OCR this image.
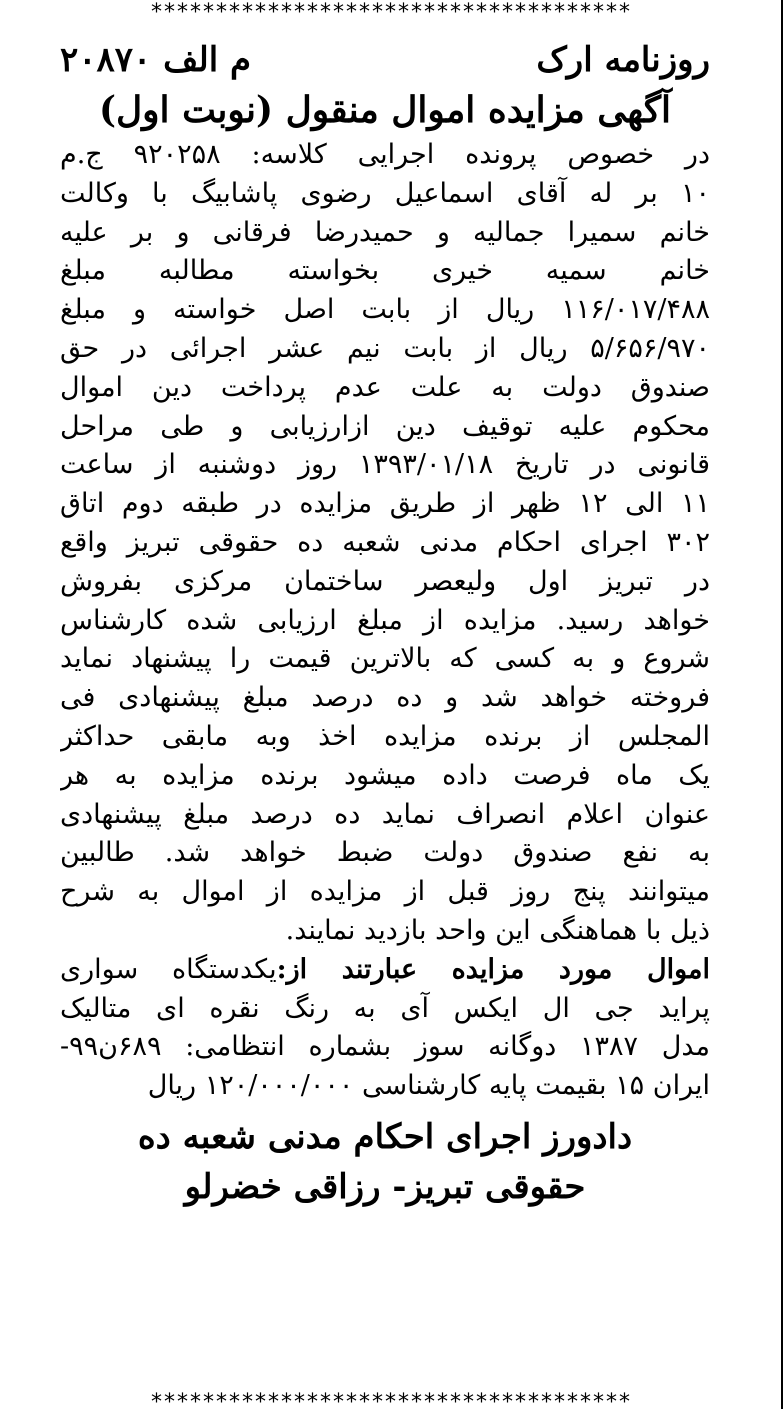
*************************************
روزنامه ارک
م الف ۲۰۸۷۰
آگهی مزایده اموال منقول (نوبت اول)
در خصوص پرونده اجرایی کلاسه: ۹۲۰۲۵۸ ج.م
۱۰ بر له آقای اسماعیل رضوی پاشابیگ با وکالت
خانم سمیرا جمالیه و حمیدرضا فرقانی و بر علیه
خانم سمیه خیری بخواسته مطالبه مبلغ
۱۱۶/۰۱۷/۴۸۸ ریال از بابت اصل خواسته و مبلغ
۵/۶۵۶/۹۷۰ ریال از بابت نیم عشر اجرائی در حق
صندوق دولت به علت عدم پرداخت دین اموال
محکوم علیه توقیف دین ازارزیابی و طی مراحل
قانونی در تاریخ ۱۳۹۳/۰۱/۱۸ روز دوشنبه از ساعت
۱۱ الی ۱۲ ظهر از طریق مزایده در طبقه دوم اتاق
۳۰۲ اجرای احکام مدنی شعبه ده حقوقی تبریز واقع
در تبریز اول ولیعصر ساختمان مرکزی بفروش
خواهد رسید. مزایده از مبلغ ارزیابی شده کارشناس
شروع و به کسی که بالاترین قیمت را پیشنهاد نماید
فروخته خواهد شد و ده درصد مبلغ پیشنهادی فی
المجلس از برنده مزایده اخذ وبه مابقی حداکثر
یک ماه فرصت داده میشود برنده مزایده به هر
عنوان اعلام انصراف نماید ده درصد مبلغ پیشنهادی
به نفع صندوق دولت ضبط خواهد شد. طالبین
میتوانند پنج روز قبل از مزایده از اموال به شرح
ذیل با هماهنگی این واحد بازدید نمایند.
اموال مورد مزایده عبارتند از:یکدستگاه سواری
پراید جی ال ایکس آی به رنگ نقره ای متالیک
مدل ۱۳۸۷ دوگانه سوز بشماره انتظامی: ۶۸۹ن۹۹-
ایران ۱۵ بقیمت پایه کارشناسی ۱۲۰/۰۰۰/۰۰۰ ریال
دادورز اجرای احکام مدنی شعبه ده
حقوقی تبریز- رزاقی خضرلو
*************************************
